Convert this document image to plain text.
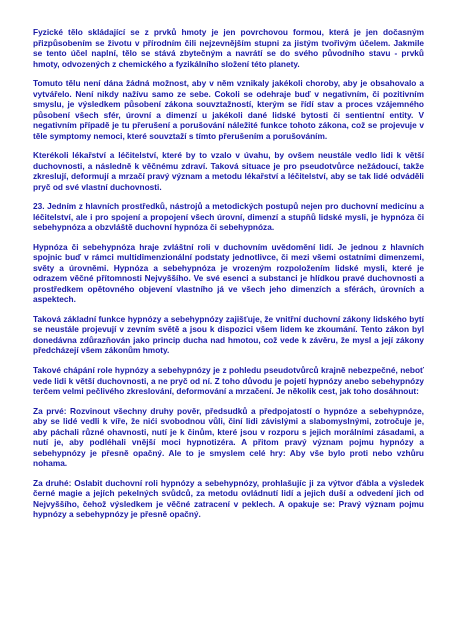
Fyzické tělo skládající se z prvků hmoty je jen povrchovou formou, která je jen dočasným přizpůsobením se životu v přírodním čili nejzevnějším stupni za jistým tvořivým účelem. Jakmile se tento účel naplní, tělo se stává zbytečným a navrátí se do svého původního stavu - prvků hmoty, odvozených z chemického a fyzikálního složení této planety.

Tomuto tělu není dána žádná možnost, aby v něm vznikaly jakékoli choroby, aby je obsahovalo a vytvářelo. Není nikdy nažívu samo ze sebe. Cokoli se odehraje buď v negativním, či pozitivním smyslu, je výsledkem působení zákona souvztažností, kterým se řídí stav a proces vzájemného působení všech sfér, úrovní a dimenzí u jakékoli dané lidské bytosti či sentientní entity. V negativním případě je tu přerušení a porušování náležité funkce tohoto zákona, což se projevuje v těle symptomy nemoci, které souvztaží s tímto přerušením a porušováním.

Kterékoli lékařství a léčitelství, které by to vzalo v úvahu, by ovšem neustále vedlo lidi k větší duchovnosti, a následně k věčnému zdraví. Taková situace je pro pseudotvůrce nežádoucí, takže zkreslují, deformují a mrzačí pravý význam a metodu lékařství a léčitelství, aby se tak lidé odváděli pryč od své vlastní duchovnosti.

23. Jedním z hlavních prostředků, nástrojů a metodických postupů nejen pro duchovní medicínu a léčitelství, ale i pro spojení a propojení všech úrovní, dimenzí a stupňů lidské mysli, je hypnóza či sebehypnóza a obzvláště duchovní hypnóza či sebehypnóza.

Hypnóza či sebehypnóza hraje zvláštní roli v duchovním uvědomění lidí. Je jednou z hlavních spojnic buď v rámci multidimenzionální podstaty jednotlivce, či mezi všemi ostatními dimenzemi, světy a úrovněmi. Hypnóza a sebehypnóza je vrozeným rozpoložením lidské mysli, které je odrazem věčné přítomnosti Nejvyššího. Ve své esenci a substanci je hlídkou pravé duchovnosti a prostředkem opětovného objevení vlastního já ve všech jeho dimenzích a sférách, úrovních a aspektech.

Taková základní funkce hypnózy a sebehypnózy zajišťuje, že vnitřní duchovní zákony lidského bytí se neustále projevují v zevním světě a jsou k dispozici všem lidem ke zkoumání. Tento zákon byl donedávna zdůrazňován jako princip ducha nad hmotou, což vede k závěru, že mysl a její zákony předcházejí všem zákonům hmoty.

Takové chápání role hypnózy a sebehypnózy je z pohledu pseudotvůrců krajně nebezpečné, neboť vede lidi k větší duchovnosti, a ne pryč od ní. Z toho důvodu je pojetí hypnózy anebo sebehypnózy terčem velmi pečlivého zkreslování, deformování a mrzačení. Je několik cest, jak toho dosáhnout:

Za prvé: Rozvinout všechny druhy pověr, předsudků a předpojatostí o hypnóze a sebehypnóze, aby se lidé vedli k víře, že nići svobodnou vůli, činí lidi závislými a slabomyslnými, zotročuje je, aby páchali různé ohavnosti, nutí je k činům, které jsou v rozporu s jejich morálními zásadami, a nutí je, aby podléhali vnější moci hypnotizéra. A přitom pravý význam pojmu hypnózy a sebehypnózy je přesně opačný. Ale to je smyslem celé hry: Aby vše bylo proti nebo vzhůru nohama.

Za druhé: Oslabit duchovní roli hypnózy a sebehypnózy, prohlašujíc ji za výtvor ďábla a výsledek černé magie a jejích pekelných svůdců, za metodu ovládnutí lidí a jejich duší a odvedení jich od Nejvyššího, čehož výsledkem je věčné zatracení v peklech. A opakuje se: Pravý význam pojmu hypnózy a sebehypnózy je přesně opačný.
